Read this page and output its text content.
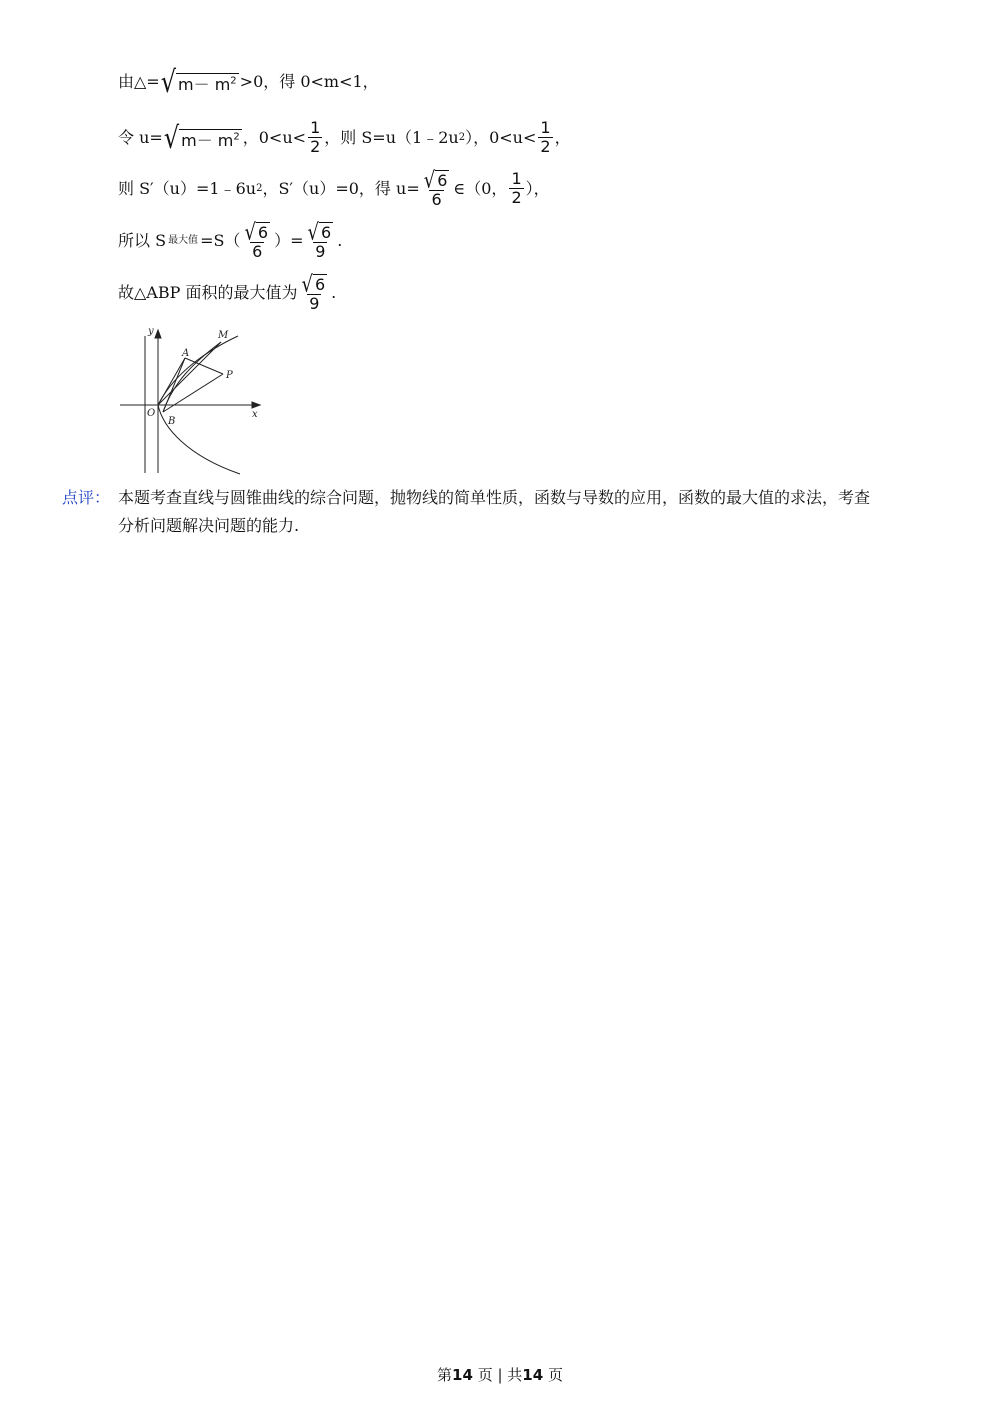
由△= √ $m- m^2 >0$，得 0<m<1，
令 u= √ $m- m^2$ ，$0<u< \frac{1}{2}$ ，则 S=u（1﹣2u 2 ），$0<u< \frac{1}{2}$ ，
则 S′（u）=1﹣6u 2 ，S′（u）=0，得 $u= \frac{√ 6}{6}$ ∈（0， $\frac{1}{2}$ ），
所以 S 最大值 $=S( \frac{√ 6}{6}$ ）= $\frac{√ 6}{9}$ .
故△ABP 面积的最大值为 $\frac{√ 6}{9}$ .
y
x
O
A
M
P
B
点评： 本题考查直线与圆锥曲线的综合问题，抛物线的简单性质，函数与导数的应用，函数的最大值的求法，考查分析问题解决问题的能力.
第14 页 | 共14 页
